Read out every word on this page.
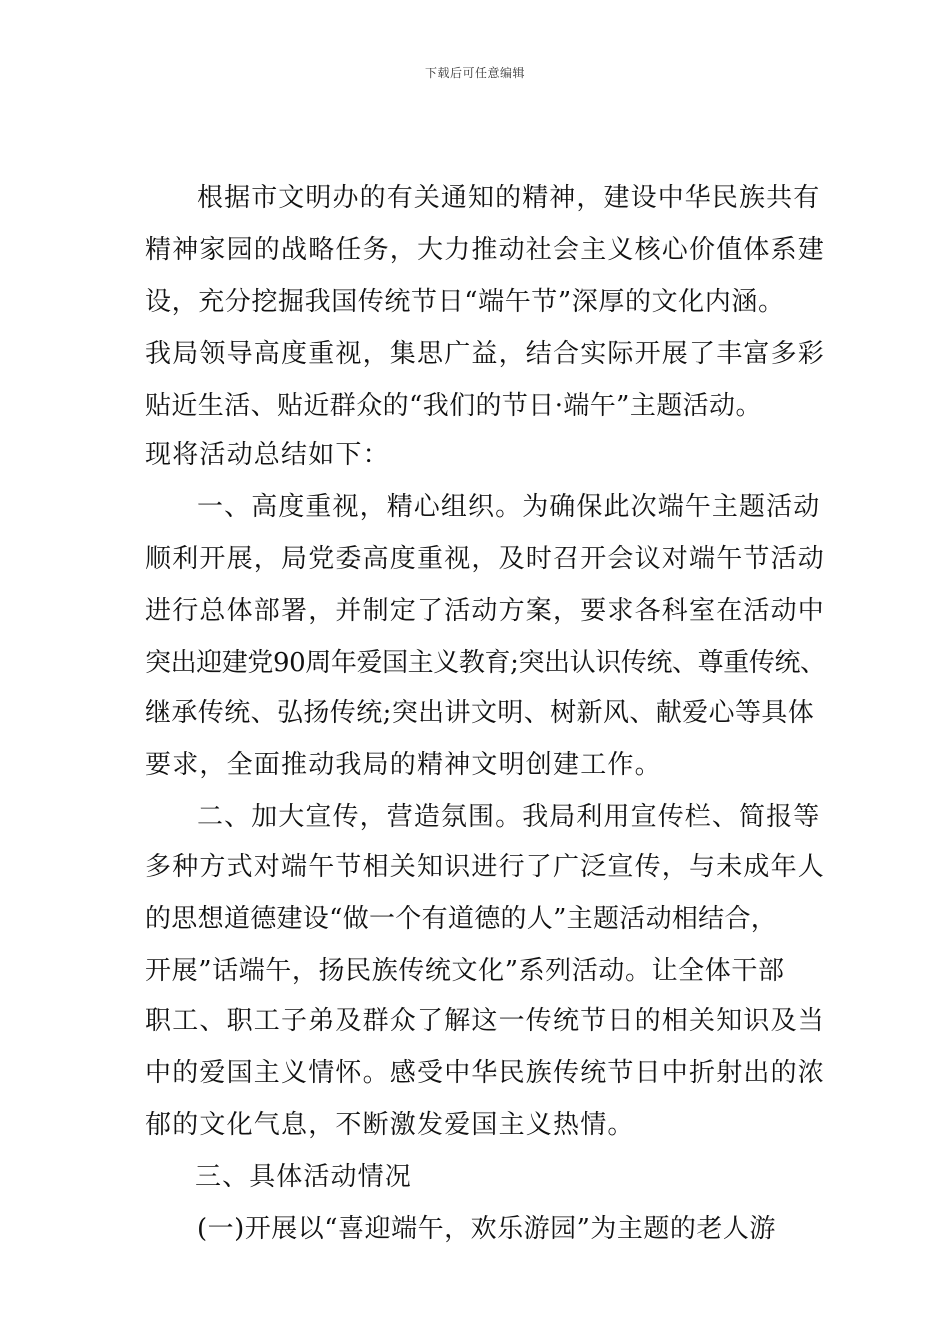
下载后可任意编辑
根据市文明办的有关通知的精神，建设中华民族共有
精神家园的战略任务，大力推动社会主义核心价值体系建
设，充分挖掘我国传统节日“端午节”深厚的文化内涵。
我局领导高度重视，集思广益，结合实际开展了丰富多彩
贴近生活、贴近群众的“我们的节日·端午”主题活动。
现将活动总结如下：
一、高度重视，精心组织。为确保此次端午主题活动
顺利开展，局党委高度重视，及时召开会议对端午节活动
进行总体部署，并制定了活动方案，要求各科室在活动中
突出迎建党90周年爱国主义教育;突出认识传统、尊重传统、
继承传统、弘扬传统;突出讲文明、树新风、献爱心等具体
要求，全面推动我局的精神文明创建工作。
二、加大宣传，营造氛围。我局利用宣传栏、简报等
多种方式对端午节相关知识进行了广泛宣传，与未成年人
的思想道德建设“做一个有道德的人”主题活动相结合，
开展”话端午，扬民族传统文化”系列活动。让全体干部
职工、职工子弟及群众了解这一传统节日的相关知识及当
中的爱国主义情怀。感受中华民族传统节日中折射出的浓
郁的文化气息，不断激发爱国主义热情。
三、具体活动情况
(一)开展以“喜迎端午，欢乐游园”为主题的老人游
